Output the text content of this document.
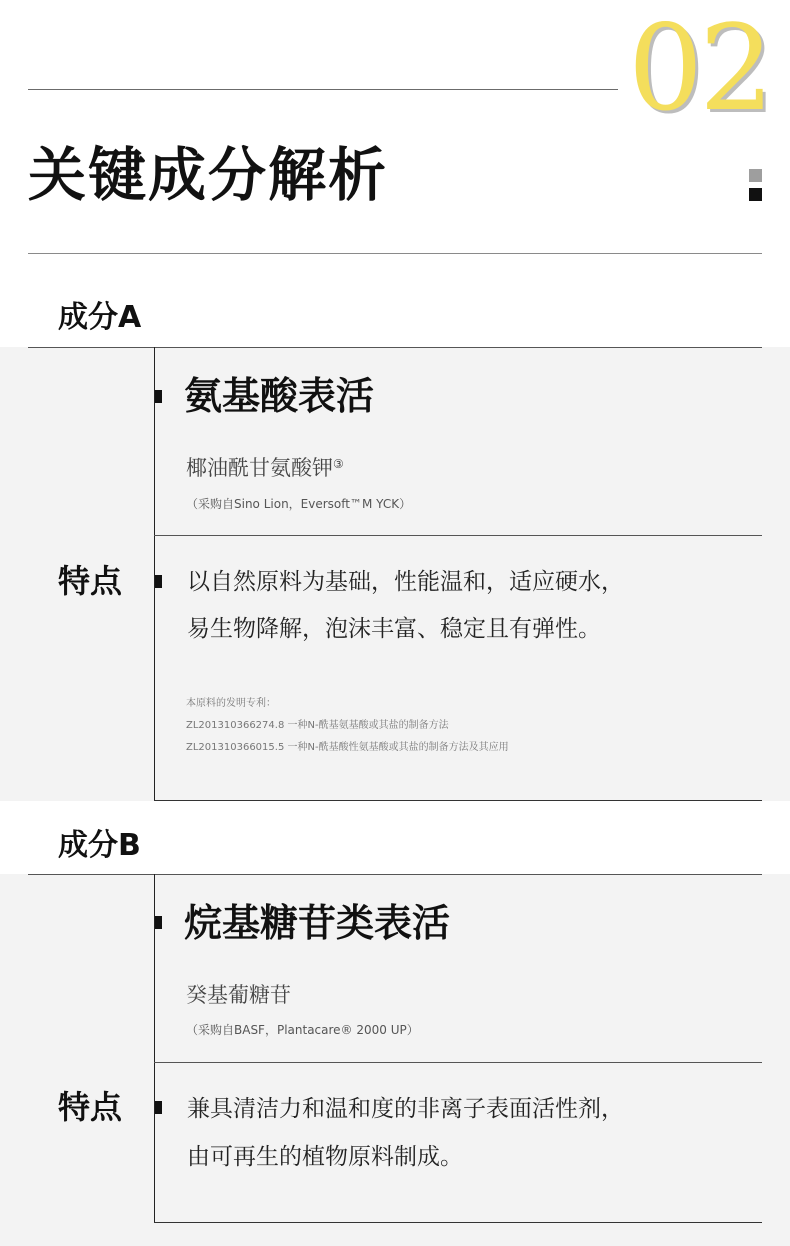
02
关键成分解析
成分A
氨基酸表活
椰油酰甘氨酸钾③
（采购自Sino Lion，Eversoft™M YCK）
特点	以自然原料为基础，性能温和，适应硬水，
易生物降解，泡沫丰富、稳定且有弹性。
本原料的发明专利：
ZL201310366274.8 一种N-酰基氨基酸或其盐的制备方法
ZL201310366015.5 一种N-酰基酸性氨基酸或其盐的制备方法及其应用
成分B
烷基糖苷类表活
癸基葡糖苷
（采购自BASF，Plantacare® 2000 UP）
特点	兼具清洁力和温和度的非离子表面活性剂，
由可再生的植物原料制成。
